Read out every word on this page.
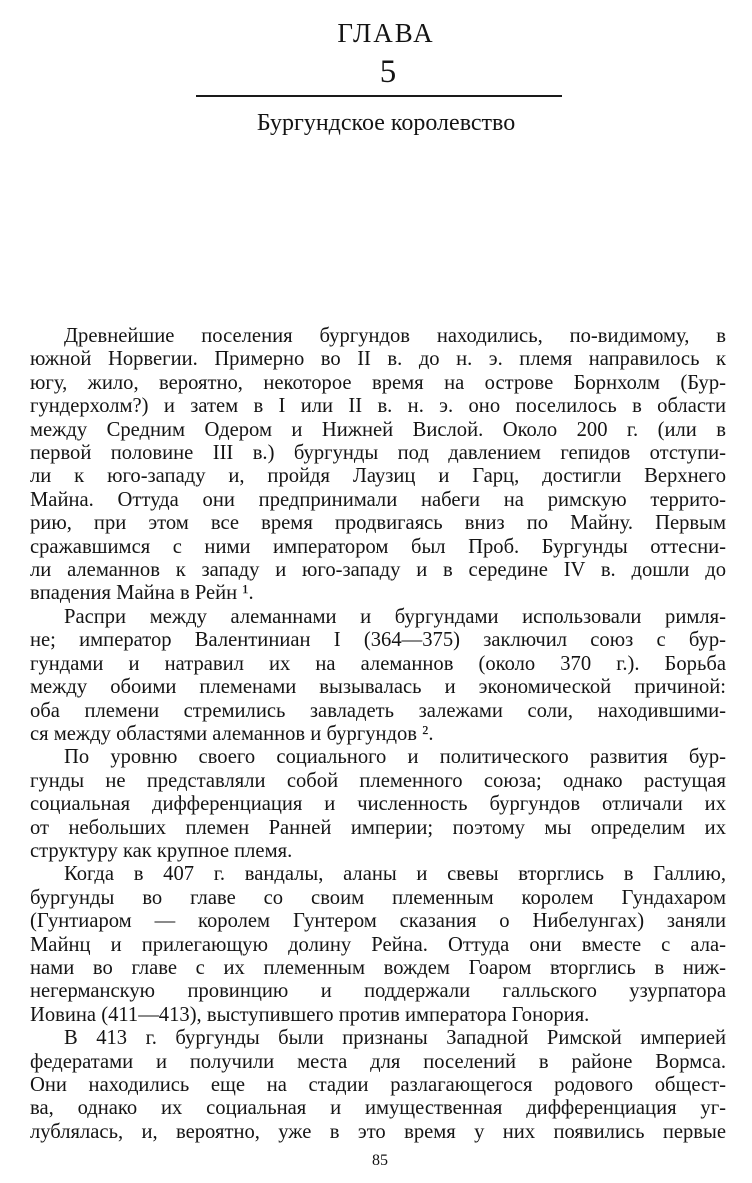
ГЛАВА
5
Бургундское королевство
Древнейшие поселения бургундов находились, по-видимому, в
южной Норвегии. Примерно во II в. до н. э. племя направилось к
югу, жило, вероятно, некоторое время на острове Борнхолм (Бур-
гундерхолм?) и затем в I или II в. н. э. оно поселилось в области
между Средним Одером и Нижней Вислой. Около 200 г. (или в
первой половине III в.) бургунды под давлением гепидов отступи-
ли к юго-западу и, пройдя Лаузиц и Гарц, достигли Верхнего
Майна. Оттуда они предпринимали набеги на римскую террито-
рию, при этом все время продвигаясь вниз по Майну. Первым
сражавшимся с ними императором был Проб. Бургунды оттесни-
ли алеманнов к западу и юго-западу и в середине IV в. дошли до
впадения Майна в Рейн ¹.
Распри между алеманнами и бургундами использовали римля-
не; император Валентиниан I (364—375) заключил союз с бур-
гундами и натравил их на алеманнов (около 370 г.). Борьба
между обоими племенами вызывалась и экономической причиной:
оба племени стремились завладеть залежами соли, находившими-
ся между областями алеманнов и бургундов ².
По уровню своего социального и политического развития бур-
гунды не представляли собой племенного союза; однако растущая
социальная дифференциация и численность бургундов отличали их
от небольших племен Ранней империи; поэтому мы определим их
структуру как крупное племя.
Когда в 407 г. вандалы, аланы и свевы вторглись в Галлию,
бургунды во главе со своим племенным королем Гундахаром
(Гунтиаром — королем Гунтером сказания о Нибелунгах) заняли
Майнц и прилегающую долину Рейна. Оттуда они вместе с ала-
нами во главе с их племенным вождем Гоаром вторглись в ниж-
негерманскую провинцию и поддержали галльского узурпатора
Иовина (411—413), выступившего против императора Гонория.
В 413 г. бургунды были признаны Западной Римской империей
федератами и получили места для поселений в районе Вормса.
Они находились еще на стадии разлагающегося родового общест-
ва, однако их социальная и имущественная дифференциация уг-
лублялась, и, вероятно, уже в это время у них появились первые
85
